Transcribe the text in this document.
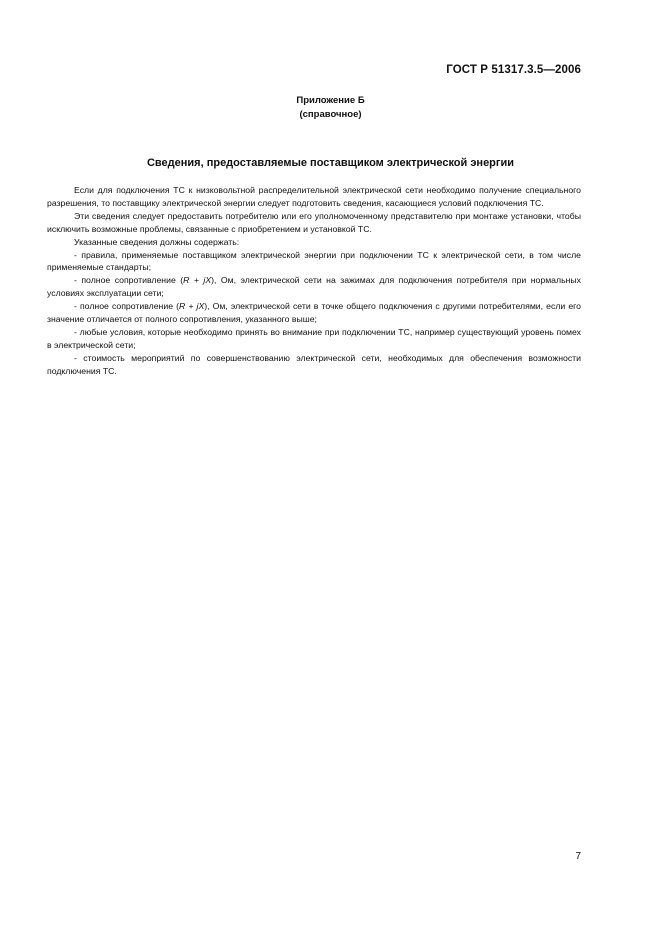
ГОСТ Р 51317.3.5—2006
Приложение Б
(справочное)
Сведения, предоставляемые поставщиком электрической энергии

Если для подключения ТС к низковольтной распределительной электрической сети необходимо получение специального разрешения, то поставщику электрической энергии следует подготовить сведения, касающиеся условий подключения ТС.

Эти сведения следует предоставить потребителю или его уполномоченному представителю при монтаже установки, чтобы исключить возможные проблемы, связанные с приобретением и установкой ТС.

Указанные сведения должны содержать:

- правила, применяемые поставщиком электрической энергии при подключении ТС к электрической сети, в том числе применяемые стандарты;

- полное сопротивление (R + jX), Ом, электрической сети на зажимах для подключения потребителя при нормальных условиях эксплуатации сети;

- полное сопротивление (R + jX), Ом, электрической сети в точке общего подключения с другими потребителями, если его значение отличается от полного сопротивления, указанного выше;

- любые условия, которые необходимо принять во внимание при подключении ТС, например существующий уровень помех в электрической сети;

- стоимость мероприятий по совершенствованию электрической сети, необходимых для обеспечения возможности подключения ТС.

7
